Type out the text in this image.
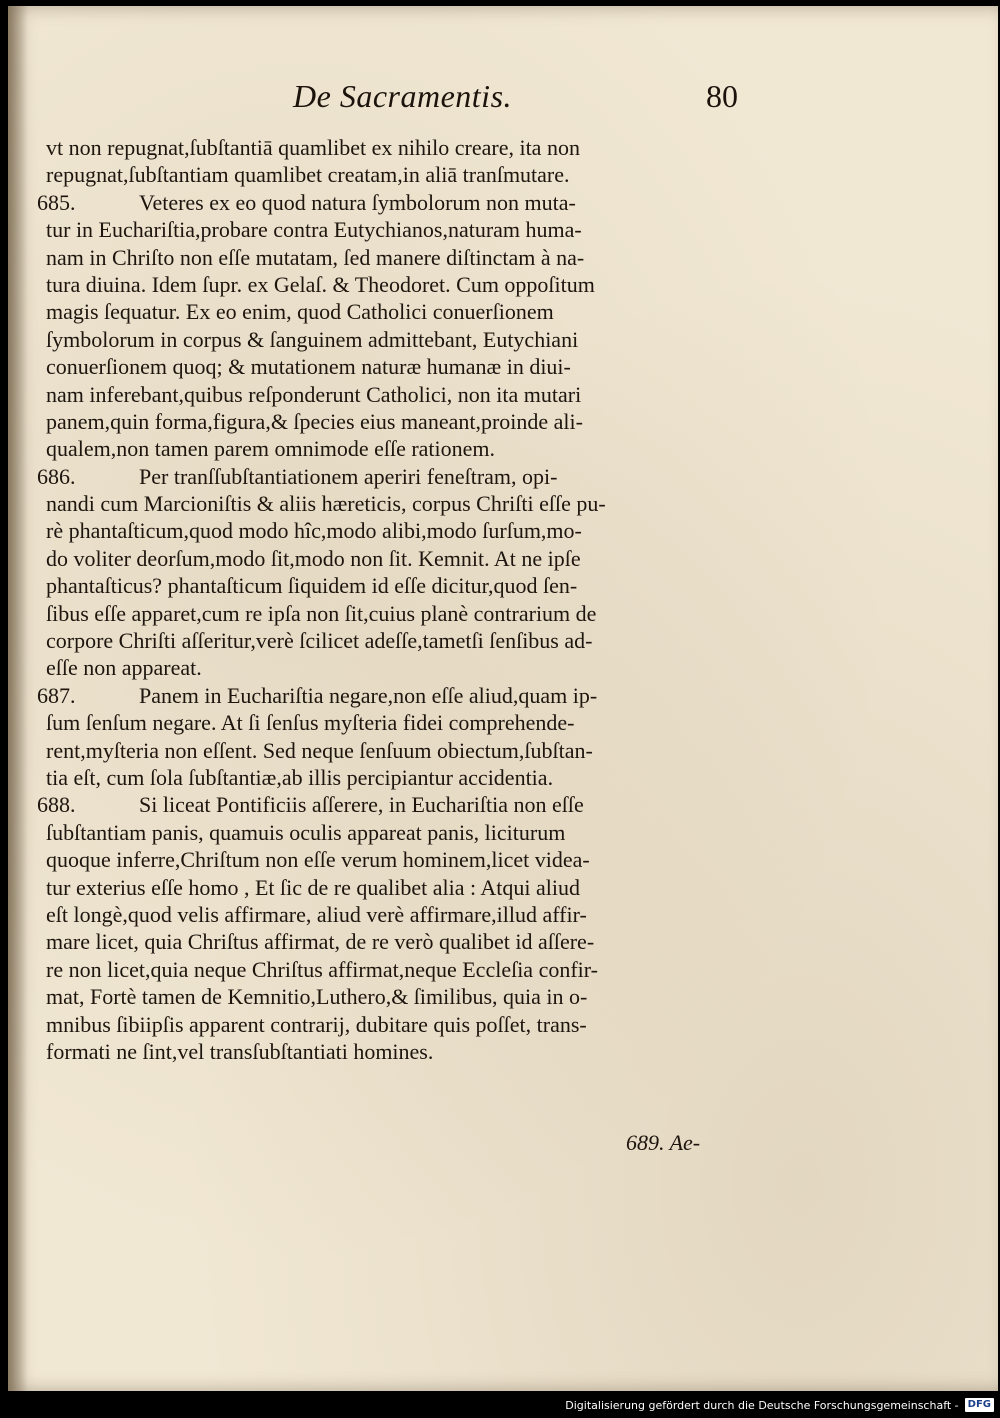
De Sacramentis.	80
vt non repugnat,ſubſtantiā quamlibet ex nihilo creare, ita non
repugnat,ſubſtantiam quamlibet creatam,in aliā tranſmutare.
685.	Veteres ex eo quod natura ſymbolorum non muta-
tur in Euchariſtia,probare contra Eutychianos,naturam huma-
nam in Chriſto non eſſe mutatam, ſed manere diſtinctam à na-
tura diuina. Idem ſupr. ex Gelaſ. & Theodoret. Cum oppoſitum
magis ſequatur. Ex eo enim, quod Catholici conuerſionem
ſymbolorum in corpus & ſanguinem admittebant, Eutychiani
conuerſionem quoq; & mutationem naturæ humanæ in diui-
nam inferebant,quibus reſponderunt Catholici, non ita mutari
panem,quin forma,figura,& ſpecies eius maneant,proinde ali-
qualem,non tamen parem omnimode eſſe rationem.
686.	Per tranſſubſtantiationem aperiri feneſtram, opi-
nandi cum Marcioniſtis & aliis hæreticis, corpus Chriſti eſſe pu-
rè phantaſticum,quod modo hîc,modo alibi,modo ſurſum,mo-
do voliter deorſum,modo ſit,modo non ſit. Kemnit. At ne ipſe
phantaſticus? phantaſticum ſiquidem id eſſe dicitur,quod ſen-
ſibus eſſe apparet,cum re ipſa non ſit,cuius planè contrarium de
corpore Chriſti aſſeritur,verè ſcilicet adeſſe,tametſi ſenſibus ad-
eſſe non appareat.
687.	Panem in Euchariſtia negare,non eſſe aliud,quam ip-
ſum ſenſum negare. At ſi ſenſus myſteria fidei comprehende-
rent,myſteria non eſſent. Sed neque ſenſuum obiectum,ſubſtan-
tia eſt, cum ſola ſubſtantiæ,ab illis percipiantur accidentia.
688.	Si liceat Pontificiis aſſerere, in Euchariſtia non eſſe
ſubſtantiam panis, quamuis oculis appareat panis, liciturum
quoque inferre,Chriſtum non eſſe verum hominem,licet videa-
tur exterius eſſe homo , Et ſic de re qualibet alia : Atqui aliud
eſt longè,quod velis affirmare, aliud verè affirmare,illud affir-
mare licet, quia Chriſtus affirmat, de re verò qualibet id aſſere-
re non licet,quia neque Chriſtus affirmat,neque Eccleſia confir-
mat, Fortè tamen de Kemnitio,Luthero,& ſimilibus, quia in o-
mnibus ſibiipſis apparent contrarij, dubitare quis poſſet, trans-
formati ne ſint,vel transſubſtantiati homines.
689. Ae-
Digitalisierung gefördert durch die Deutsche Forschungsgemeinschaft - DFG
